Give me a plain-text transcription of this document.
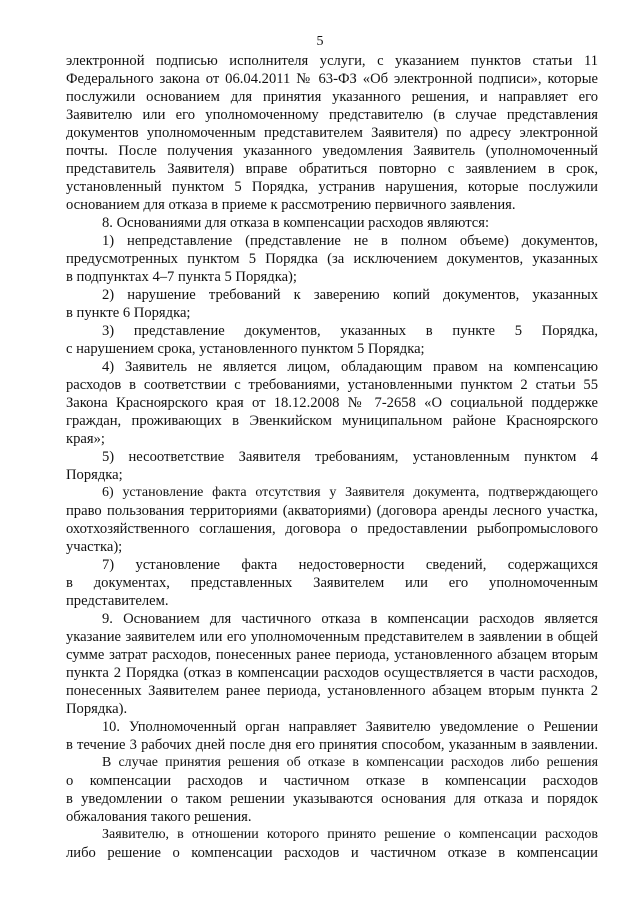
5
электронной подписью исполнителя услуги, с указанием пунктов статьи 11
Федерального закона от 06.04.2011 № 63-ФЗ «Об электронной подписи», которые
послужили основанием для принятия указанного решения, и направляет его
Заявителю или его уполномоченному представителю (в случае представления
документов уполномоченным представителем Заявителя) по адресу электронной
почты. После получения указанного уведомления Заявитель (уполномоченный
представитель Заявителя) вправе обратиться повторно с заявлением в срок,
установленный пунктом 5 Порядка, устранив нарушения, которые послужили
основанием для отказа в приеме к рассмотрению первичного заявления.
8. Основаниями для отказа в компенсации расходов являются:
1) непредставление (представление не в полном объеме) документов,
предусмотренных пунктом 5 Порядка (за исключением документов, указанных
в подпунктах 4–7 пункта 5 Порядка);
2) нарушение требований к заверению копий документов, указанных
в пункте 6 Порядка;
3) представление документов, указанных в пункте 5 Порядка,
с нарушением срока, установленного пунктом 5 Порядка;
4) Заявитель не является лицом, обладающим правом на компенсацию
расходов в соответствии с требованиями, установленными пунктом 2 статьи 55
Закона Красноярского края от 18.12.2008 № 7-2658 «О социальной поддержке
граждан, проживающих в Эвенкийском муниципальном районе Красноярского
края»;
5) несоответствие Заявителя требованиям, установленным пунктом 4
Порядка;
6) установление факта отсутствия у Заявителя документа, подтверждающего
право пользования территориями (акваториями) (договора аренды лесного участка,
охотхозяйственного соглашения, договора о предоставлении рыбопромыслового
участка);
7) установление факта недостоверности сведений, содержащихся
в документах, представленных Заявителем или его уполномоченным
представителем.
9. Основанием для частичного отказа в компенсации расходов является
указание заявителем или его уполномоченным представителем в заявлении в общей
сумме затрат расходов, понесенных ранее периода, установленного абзацем вторым
пункта 2 Порядка (отказ в компенсации расходов осуществляется в части расходов,
понесенных Заявителем ранее периода, установленного абзацем вторым пункта 2
Порядка).
10. Уполномоченный орган направляет Заявителю уведомление о Решении
в течение 3 рабочих дней после дня его принятия способом, указанным в заявлении.
В случае принятия решения об отказе в компенсации расходов либо решения
о компенсации расходов и частичном отказе в компенсации расходов
в уведомлении о таком решении указываются основания для отказа и порядок
обжалования такого решения.
Заявителю, в отношении которого принято решение о компенсации расходов
либо решение о компенсации расходов и частичном отказе в компенсации
